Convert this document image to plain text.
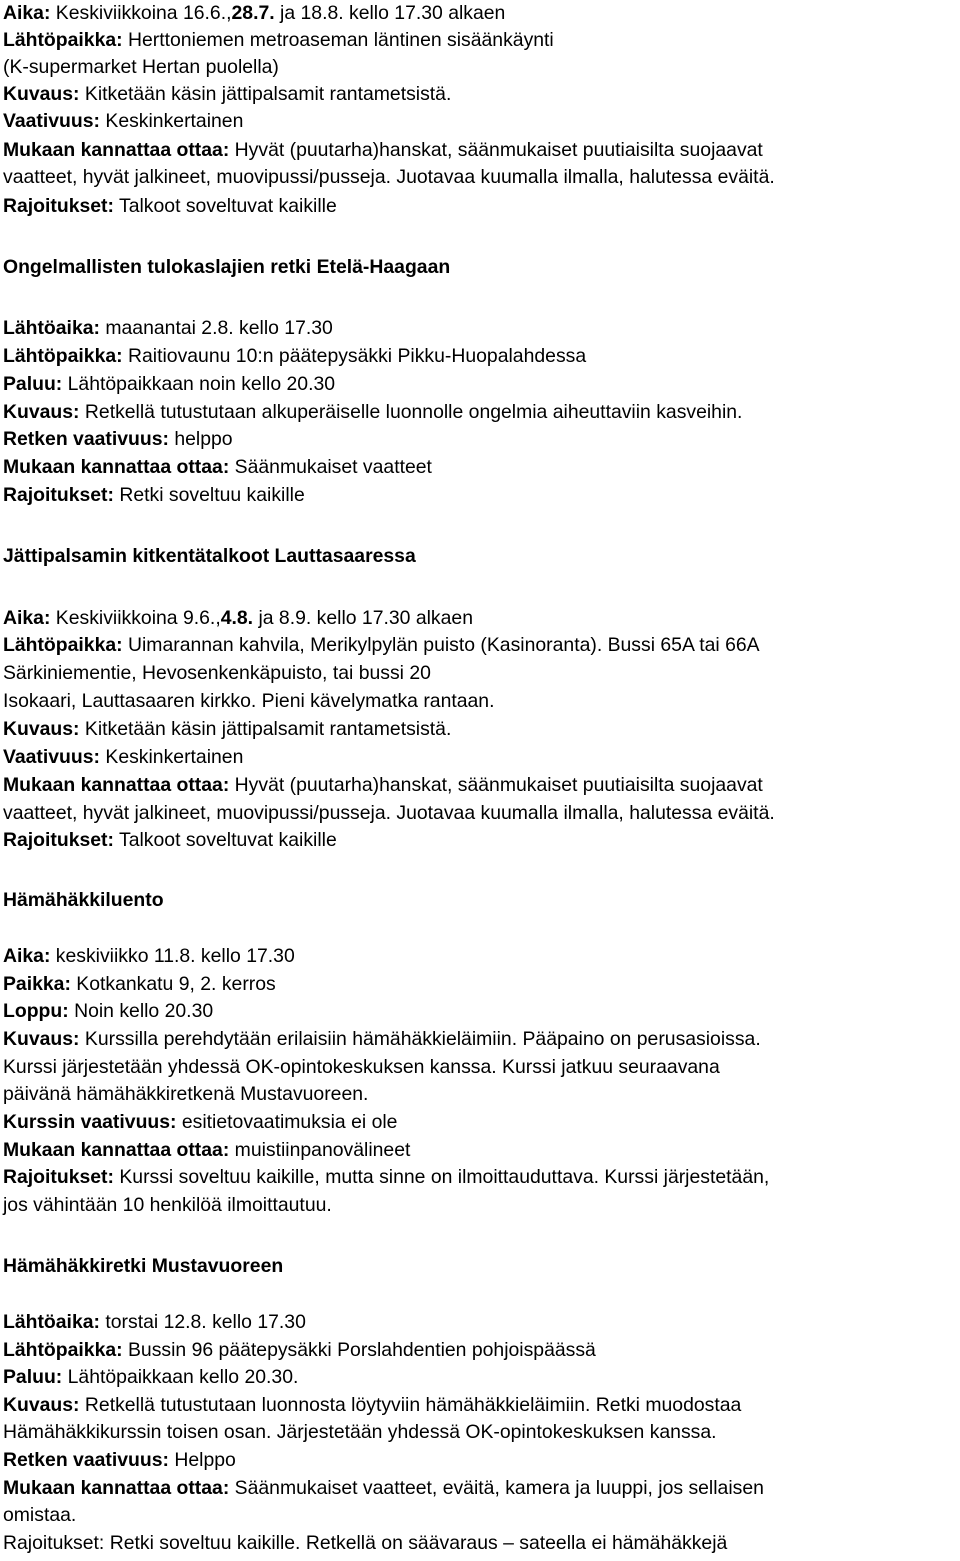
Aika: Keskiviikkoina 16.6.,28.7. ja 18.8. kello 17.30 alkaen
Lähtöpaikka: Herttoniemen metroaseman läntinen sisäänkäynti
(K-supermarket Hertan puolella)
Kuvaus: Kitketään käsin jättipalsamit rantametsistä.
Vaativuus: Keskinkertainen
Mukaan kannattaa ottaa: Hyvät (puutarha)hanskat, säänmukaiset puutiaisilta suojaavat
vaatteet, hyvät jalkineet, muovipussi/pusseja. Juotavaa kuumalla ilmalla, halutessa eväitä.
Rajoitukset: Talkoot soveltuvat kaikille
Ongelmallisten tulokaslajien retki Etelä-Haagaan
Lähtöaika: maanantai 2.8. kello 17.30
Lähtöpaikka: Raitiovaunu 10:n päätepysäkki Pikku-Huopalahdessa
Paluu: Lähtöpaikkaan noin kello 20.30
Kuvaus: Retkellä tutustutaan alkuperäiselle luonnolle ongelmia aiheuttaviin kasveihin.
Retken vaativuus: helppo
Mukaan kannattaa ottaa: Säänmukaiset vaatteet
Rajoitukset: Retki soveltuu kaikille
Jättipalsamin kitkentätalkoot Lauttasaaressa
Aika: Keskiviikkoina 9.6.,4.8. ja 8.9. kello 17.30 alkaen
Lähtöpaikka: Uimarannan kahvila, Merikylpylän puisto (Kasinoranta). Bussi 65A tai 66A
Särkiniementie, Hevosenkenkäpuisto, tai bussi 20
Isokaari, Lauttasaaren kirkko. Pieni kävelymatka rantaan.
Kuvaus: Kitketään käsin jättipalsamit rantametsistä.
Vaativuus: Keskinkertainen
Mukaan kannattaa ottaa: Hyvät (puutarha)hanskat, säänmukaiset puutiaisilta suojaavat
vaatteet, hyvät jalkineet, muovipussi/pusseja. Juotavaa kuumalla ilmalla, halutessa eväitä.
Rajoitukset: Talkoot soveltuvat kaikille
Hämähäkkiluento
Aika: keskiviikko 11.8. kello 17.30
Paikka: Kotkankatu 9, 2. kerros
Loppu: Noin kello 20.30
Kuvaus: Kurssilla perehdytään erilaisiin hämähäkkieläimiin. Pääpaino on perusasioissa.
Kurssi järjestetään yhdessä OK-opintokeskuksen kanssa. Kurssi jatkuu seuraavana
päivänä hämähäkkiretkenä Mustavuoreen.
Kurssin vaativuus: esitietovaatimuksia ei ole
Mukaan kannattaa ottaa: muistiinpanovälineet
Rajoitukset: Kurssi soveltuu kaikille, mutta sinne on ilmoittauduttava. Kurssi järjestetään,
jos vähintään 10 henkilöä ilmoittautuu.
Hämähäkkiretki Mustavuoreen
Lähtöaika: torstai 12.8. kello 17.30
Lähtöpaikka: Bussin 96 päätepysäkki Porslahdentien pohjoispäässä
Paluu: Lähtöpaikkaan kello 20.30.
Kuvaus: Retkellä tutustutaan luonnosta löytyviin hämähäkkieläimiin. Retki muodostaa
Hämähäkkikurssin toisen osan. Järjestetään yhdessä OK-opintokeskuksen kanssa.
Retken vaativuus: Helppo
Mukaan kannattaa ottaa: Säänmukaiset vaatteet, eväitä, kamera ja luuppi, jos sellaisen
omistaa.
Rajoitukset: Retki soveltuu kaikille. Retkellä on säävaraus – sateella ei hämähäkkejä
